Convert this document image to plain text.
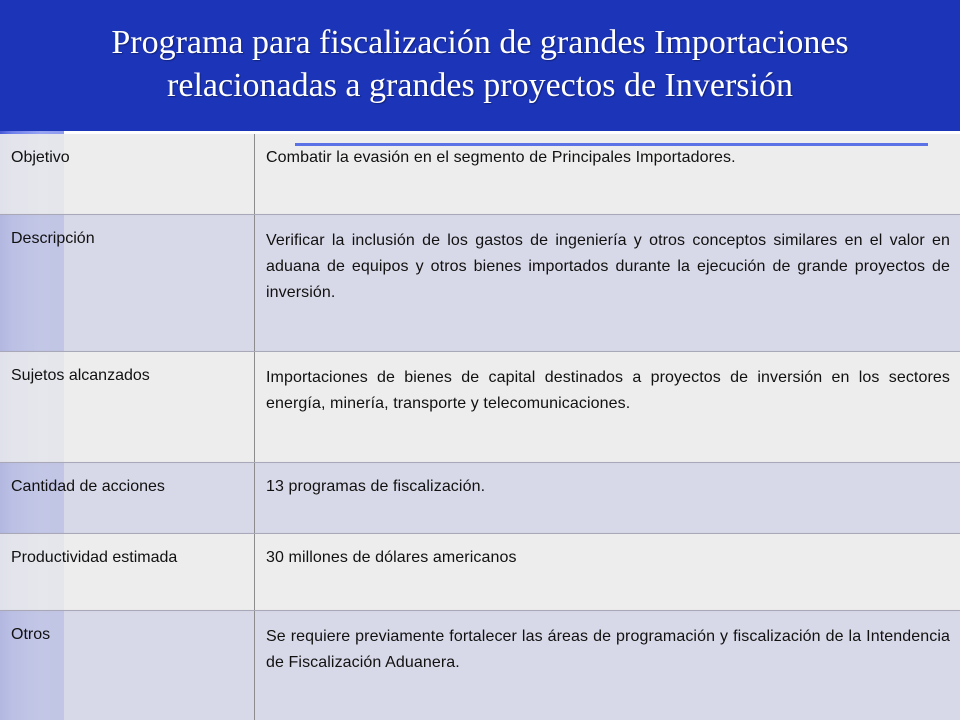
Programa para fiscalización de grandes Importaciones
relacionadas a grandes proyectos de Inversión
Objetivo	Combatir la evasión en el segmento de Principales Importadores.
Descripción	Verificar la inclusión de los gastos de ingeniería y otros conceptos similares en el valor en aduana de equipos y otros bienes importados durante la ejecución de grande proyectos de inversión.
Sujetos alcanzados	Importaciones de bienes de capital destinados a proyectos de inversión en los sectores energía, minería, transporte y telecomunicaciones.
Cantidad de acciones	13 programas de fiscalización.
Productividad estimada	30 millones de dólares americanos
Otros	Se requiere previamente fortalecer las áreas de programación y fiscalización de la Intendencia de Fiscalización Aduanera.
